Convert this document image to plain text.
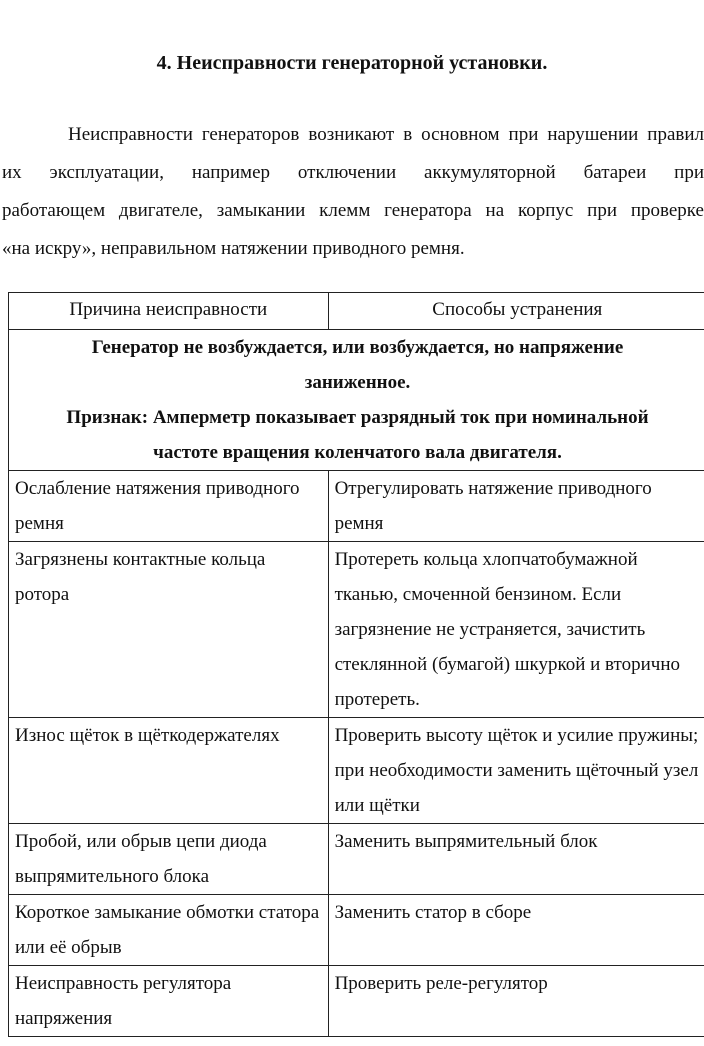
4. Неисправности генераторной установки.
Неисправности генераторов возникают в основном при нарушении правил
их эксплуатации, например отключении аккумуляторной батареи при
работающем двигателе, замыкании клемм генератора на корпус при проверке
«на искру», неправильном натяжении приводного ремня.
Причина неисправности	Способы устранения

Генератор не возбуждается, или возбуждается, но напряжение
заниженное.
Признак: Амперметр показывает разрядный ток при номинальной
частоте вращения коленчатого вала двигателя.	

Ослабление натяжения приводного ремня	Отрегулировать натяжение приводного ремня
Загрязнены контактные кольца ротора	Протереть кольца хлопчатобумажной тканью, смоченной бензином. Если загрязнение не устраняется, зачистить стеклянной (бумагой) шкуркой и вторично протереть.
Износ щёток в щёткодержателях	Проверить высоту щёток и усилие пружины; при необходимости заменить щёточный узел или щётки
Пробой, или обрыв цепи диода выпрямительного блока	Заменить выпрямительный блок
Короткое замыкание обмотки статора или её обрыв	Заменить статор в сборе
Неисправность регулятора напряжения	Проверить реле-регулятор
